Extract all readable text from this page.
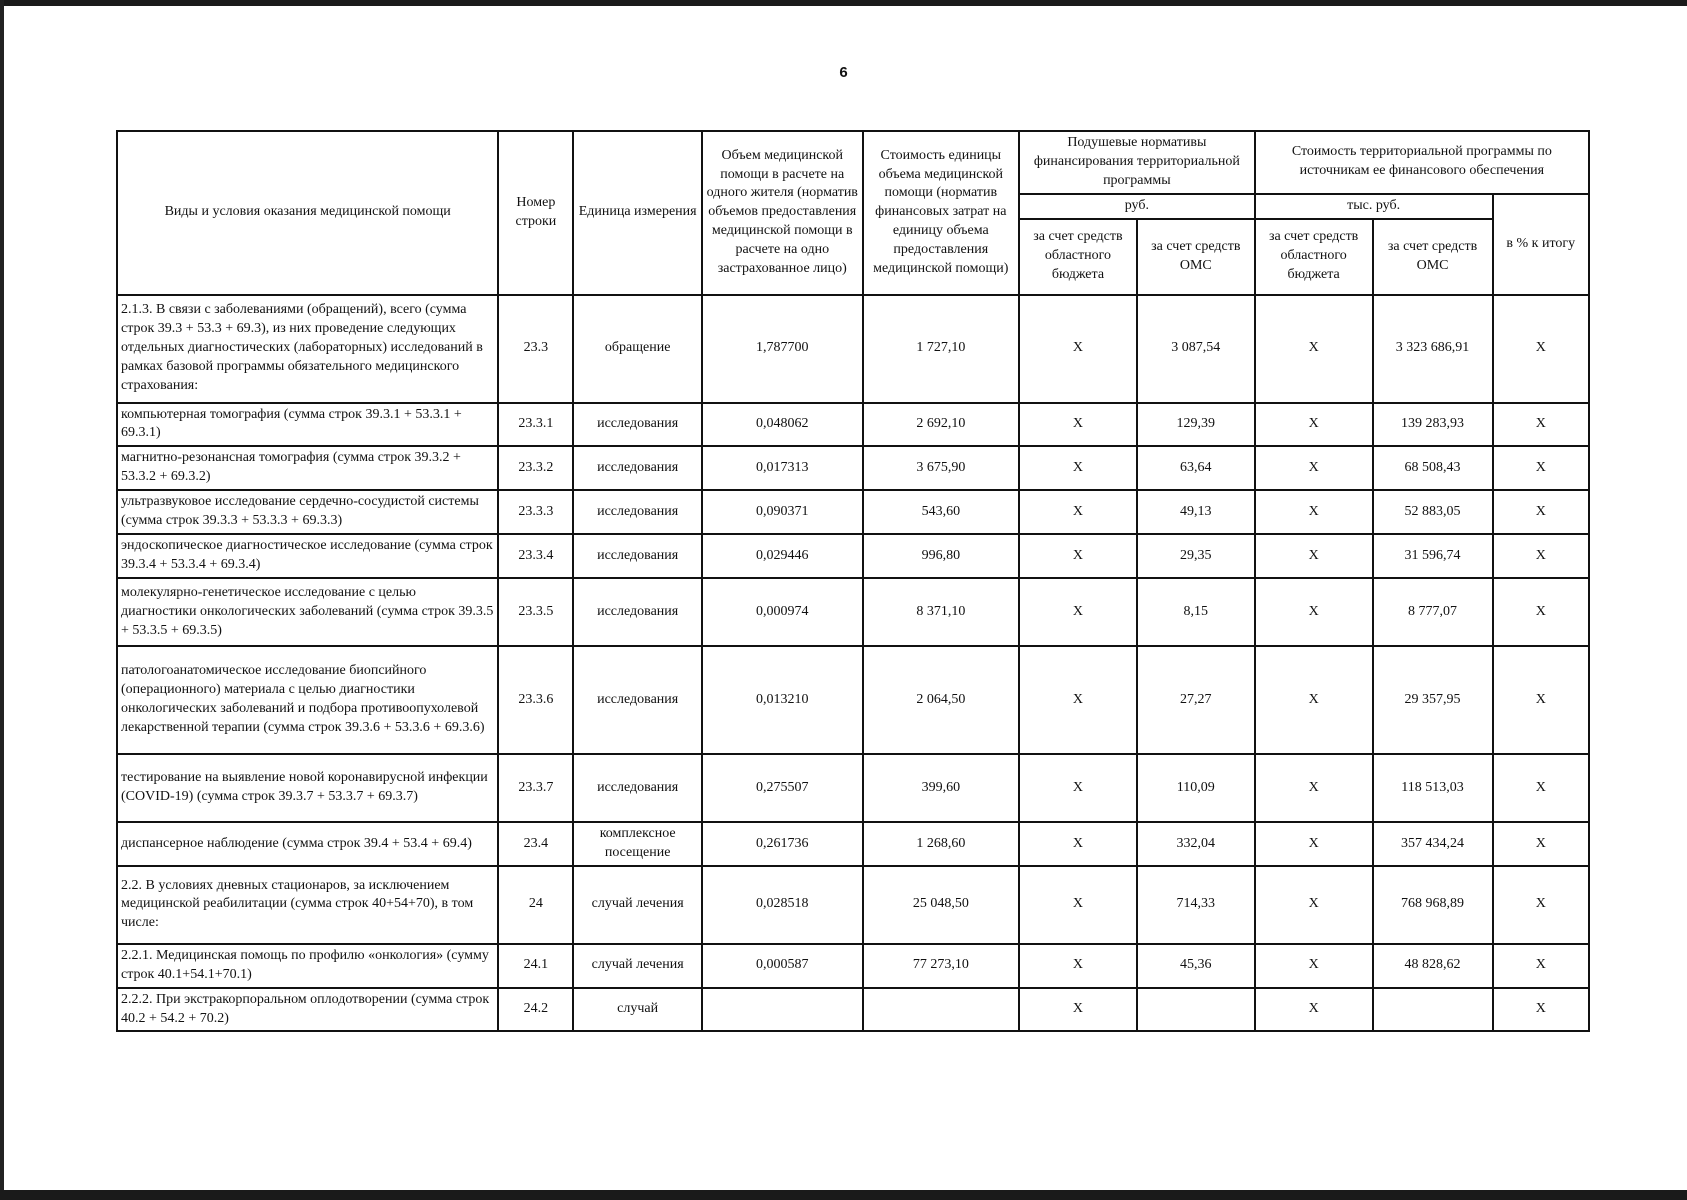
6
Виды и условия оказания медицинской помощи	Номер строки	Единица измерения	Объем медицинской помощи в расчете на одного жителя (норматив объемов предоставления медицинской помощи в расчете на одно застрахованное лицо)	Стоимость единицы объема медицинской помощи (норматив финансовых затрат на единицу объема предоставления медицинской помощи)	Подушевые нормативы финансирования территориальной программы		Стоимость территориальной программы по источникам ее финансового обеспечения		
					руб.		тыс. руб.		в % к итогу
					за счет средств областного бюджета	за счет средств ОМС	за счет средств областного бюджета	за счет средств ОМС	
2.1.3. В связи с заболеваниями (обращений), всего (сумма строк 39.3 + 53.3 + 69.3), из них проведение следующих отдельных диагностических (лабораторных) исследований в рамках базовой программы обязательного медицинского страхования:	23.3	обращение	1,787700	1 727,10	X	3 087,54	X	3 323 686,91	X
компьютерная томография (сумма строк 39.3.1 + 53.3.1 + 69.3.1)	23.3.1	исследования	0,048062	2 692,10	X	129,39	X	139 283,93	X
магнитно-резонансная томография (сумма строк 39.3.2 + 53.3.2 + 69.3.2)	23.3.2	исследования	0,017313	3 675,90	X	63,64	X	68 508,43	X
ультразвуковое исследование сердечно-сосудистой системы (сумма строк 39.3.3 + 53.3.3 + 69.3.3)	23.3.3	исследования	0,090371	543,60	X	49,13	X	52 883,05	X
эндоскопическое диагностическое исследование (сумма строк 39.3.4 + 53.3.4 + 69.3.4)	23.3.4	исследования	0,029446	996,80	X	29,35	X	31 596,74	X
молекулярно-генетическое исследование с целью диагностики онкологических заболеваний (сумма строк 39.3.5 + 53.3.5 + 69.3.5)	23.3.5	исследования	0,000974	8 371,10	X	8,15	X	8 777,07	X
патологоанатомическое исследование биопсийного (операционного) материала с целью диагностики онкологических заболеваний и подбора противоопухолевой лекарственной терапии (сумма строк 39.3.6 + 53.3.6 + 69.3.6)	23.3.6	исследования	0,013210	2 064,50	X	27,27	X	29 357,95	X
тестирование на выявление новой коронавирусной инфекции (COVID-19) (сумма строк 39.3.7 + 53.3.7 + 69.3.7)	23.3.7	исследования	0,275507	399,60	X	110,09	X	118 513,03	X
диспансерное наблюдение (сумма строк 39.4 + 53.4 + 69.4)	23.4	комплексное посещение	0,261736	1 268,60	X	332,04	X	357 434,24	X
2.2. В условиях дневных стационаров, за исключением медицинской реабилитации (сумма строк 40+54+70), в том числе:	24	случай лечения	0,028518	25 048,50	X	714,33	X	768 968,89	X
2.2.1. Медицинская помощь по профилю «онкология» (сумму строк 40.1+54.1+70.1)	24.1	случай лечения	0,000587	77 273,10	X	45,36	X	48 828,62	X
2.2.2. При экстракорпоральном оплодотворении (сумма строк 40.2 + 54.2 + 70.2)	24.2	случай			X		X		X
